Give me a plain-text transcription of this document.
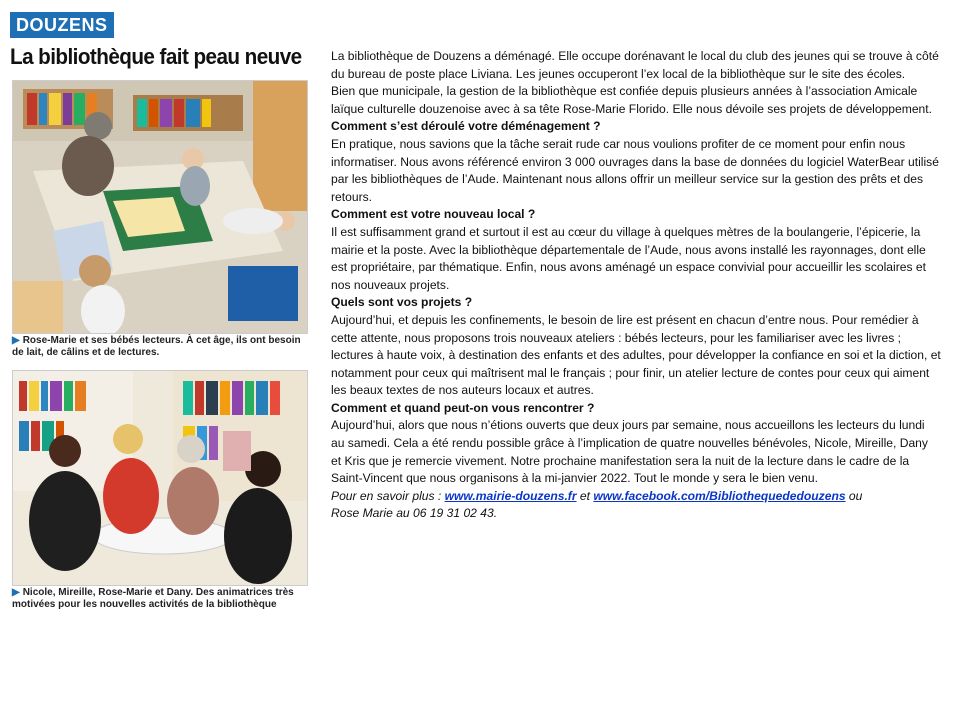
DOUZENS
La bibliothèque fait peau neuve
▶ Rose-Marie et ses bébés lecteurs. À cet âge, ils ont besoin de lait, de câlins et de lectures.
▶ Nicole, Mireille, Rose-Marie et Dany. Des animatrices très motivées pour les nouvelles activités de la bibliothèque

La bibliothèque de Douzens a déménagé. Elle occupe dorénavant le local du club des jeunes qui se trouve à côté du bureau de poste place Liviana. Les jeunes occuperont l’ex local de la bibliothèque sur le site des écoles.

Bien que municipale, la gestion de la bibliothèque est confiée depuis plusieurs années à l’association Amicale laïque culturelle douzenoise avec à sa tête Rose-Marie Florido. Elle nous dévoile ses projets de développement.

Comment s’est déroulé votre déménagement ?

En pratique, nous savions que la tâche serait rude car nous voulions profiter de ce moment pour enfin nous informatiser. Nous avons référencé environ 3 000 ouvrages dans la base de données du logiciel WaterBear utilisé par les bibliothèques de l’Aude. Maintenant nous allons offrir un meilleur service sur la gestion des prêts et des retours.

Comment est votre nouveau local ?

Il est suffisamment grand et surtout il est au cœur du village à quelques mètres de la boulangerie, l’épicerie, la mairie et la poste. Avec la bibliothèque départementale de l’Aude, nous avons installé les rayonnages, dont elle est propriétaire, par thématique. Enfin, nous avons aménagé un espace convivial pour accueillir les scolaires et nos nouveaux projets.

Quels sont vos projets ?

Aujourd’hui, et depuis les confinements, le besoin de lire est présent en chacun d’entre nous. Pour remédier à cette attente, nous proposons trois nouveaux ateliers : bébés lecteurs, pour les familiariser avec les livres ; lectures à haute voix, à destination des enfants et des adultes, pour développer la confiance en soi et la diction, et notamment pour ceux qui maîtrisent mal le français ; pour finir, un atelier lecture de contes pour ceux qui aiment les beaux textes de nos auteurs locaux et autres.

Comment et quand peut-on vous rencontrer ?

Aujourd’hui, alors que nous n’étions ouverts que deux jours par semaine, nous accueillons les lecteurs du lundi au samedi. Cela a été rendu possible grâce à l’implication de quatre nouvelles bénévoles, Nicole, Mireille, Dany et Kris que je remercie vivement. Notre prochaine manifestation sera la nuit de la lecture dans le cadre de la Saint-Vincent que nous organisons à la mi-janvier 2022. Tout le monde y sera le bien venu.

Pour en savoir plus : www.mairie-douzens.fr et www.facebook.com/Bibliothequededouzens ou
Rose Marie au 06 19 31 02 43.
